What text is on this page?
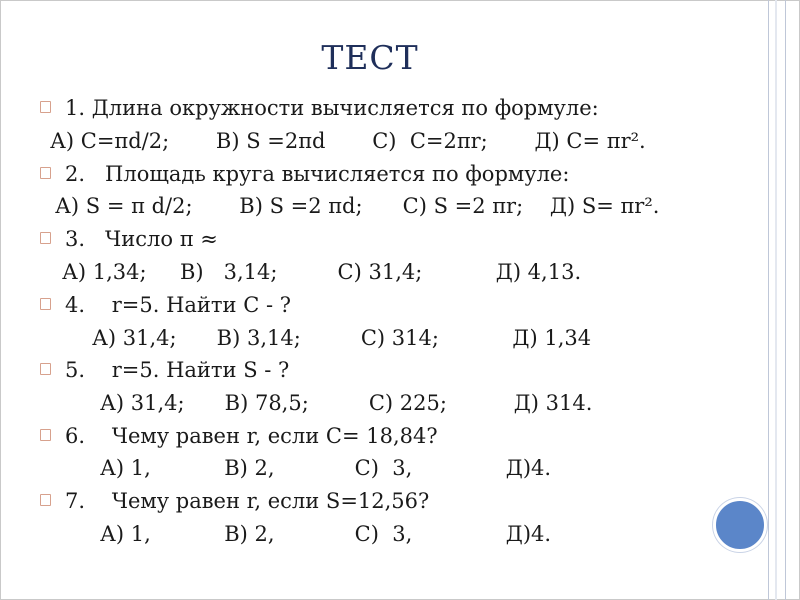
ТЕСТ
1. Длина окружности вычисляется по формуле:
А) C=πd/2;       В) S =2πd       С)  C=2πr;       Д) C= πr².
2.   Площадь круга вычисляется по формуле:
А) S = π d/2;       В) S =2 πd;      С) S =2 πr;    Д) S= πr².
3.   Число π ≈
А) 1,34;     В)   3,14;         С) 31,4;           Д) 4,13.
4.    r=5. Найти С - ?
А) 31,4;      В) 3,14;         С) 314;           Д) 1,34
5.    r=5. Найти S - ?
А) 31,4;      В) 78,5;         С) 225;          Д) 314.
6.    Чему равен r, если C= 18,84?
А) 1,           В) 2,            С)  3,              Д)4.
7.    Чему равен r, если S=12,56?
А) 1,           В) 2,            С)  3,              Д)4.
